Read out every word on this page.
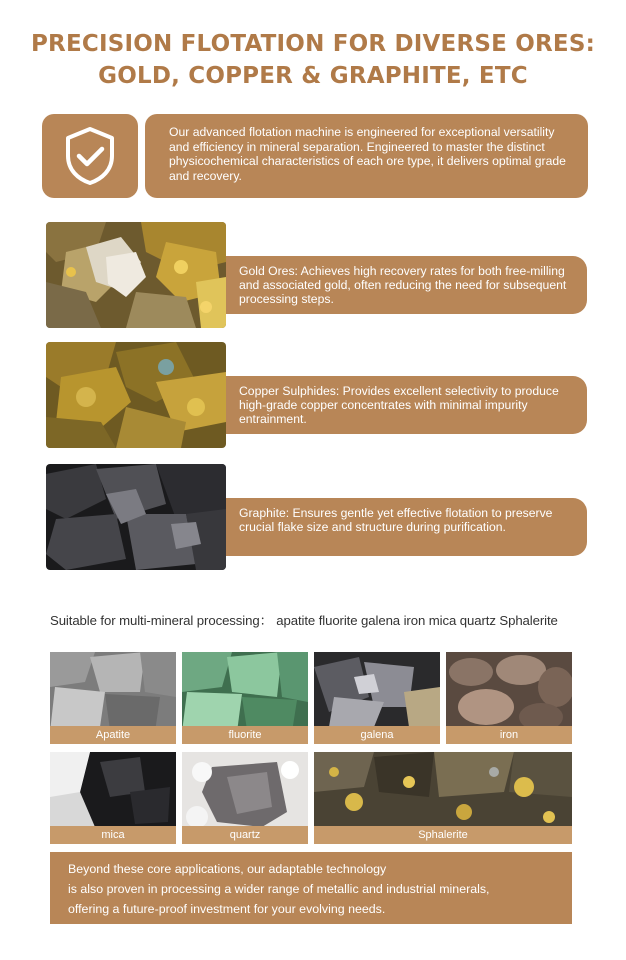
PRECISION FLOTATION FOR DIVERSE ORES:
GOLD, COPPER & GRAPHITE, ETC
Our advanced flotation machine is engineered for exceptional versatility and efficiency in mineral separation. Engineered to master the distinct physicochemical characteristics of each ore type, it delivers optimal grade and recovery.
Gold Ores: Achieves high recovery rates for both free-milling and associated gold, often reducing the need for subsequent processing steps.
Copper Sulphides: Provides excellent selectivity to produce high-grade copper concentrates with minimal impurity entrainment.
Graphite: Ensures gentle yet effective flotation to preserve crucial flake size and structure during purification.
Suitable for multi-mineral processing： apatite fluorite galena iron mica quartz Sphalerite
Apatite	fluorite	galena	iron
mica	quartz	Sphalerite
Beyond these core applications, our adaptable technology
is also proven in processing a wider range of metallic and industrial minerals,
offering a future-proof investment for your evolving needs.
